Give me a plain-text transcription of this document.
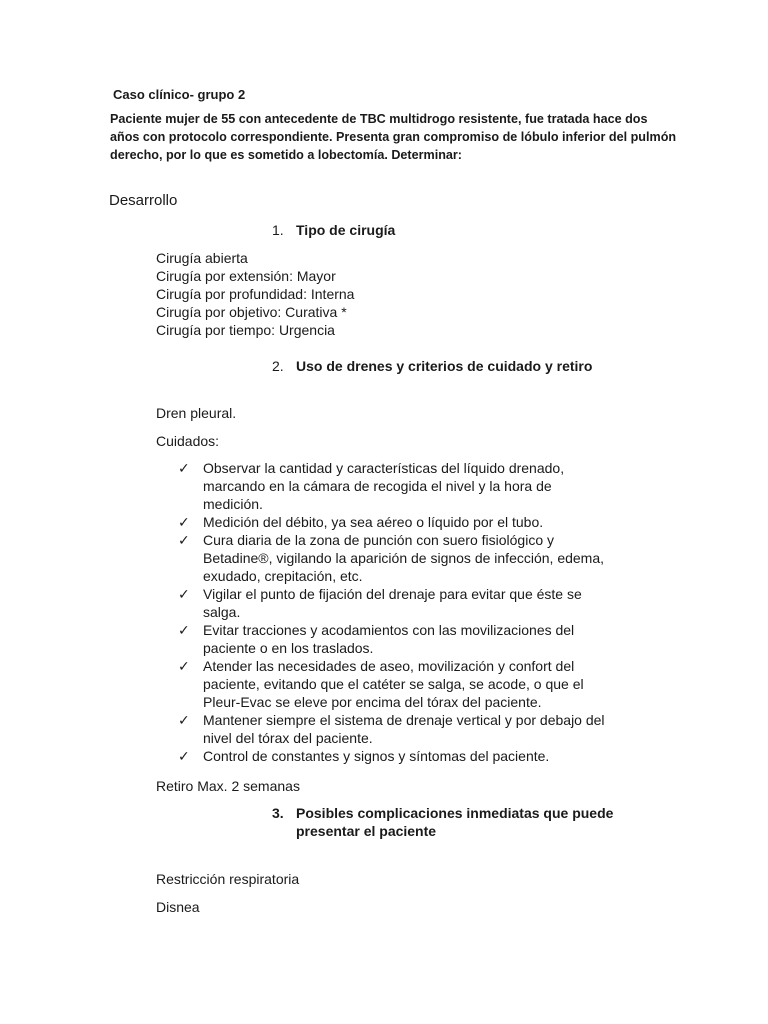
Caso clínico- grupo 2
Paciente mujer de 55 con antecedente de TBC multidrogo resistente, fue tratada hace dos
años con protocolo correspondiente. Presenta gran compromiso de lóbulo inferior del pulmón
derecho, por lo que es sometido a lobectomía. Determinar:
Desarrollo
1. Tipo de cirugía
Cirugía abierta
Cirugía por extensión: Mayor
Cirugía por profundidad: Interna
Cirugía por objetivo: Curativa *
Cirugía por tiempo: Urgencia
2. Uso de drenes y criterios de cuidado y retiro
Dren pleural.
Cuidados:
✓ Observar la cantidad y características del líquido drenado,
marcando en la cámara de recogida el nivel y la hora de
medición.
✓ Medición del débito, ya sea aéreo o líquido por el tubo.
✓ Cura diaria de la zona de punción con suero fisiológico y
Betadine®, vigilando la aparición de signos de infección, edema,
exudado, crepitación, etc.
✓ Vigilar el punto de fijación del drenaje para evitar que éste se
salga.
✓ Evitar tracciones y acodamientos con las movilizaciones del
paciente o en los traslados.
✓ Atender las necesidades de aseo, movilización y confort del
paciente, evitando que el catéter se salga, se acode, o que el
Pleur-Evac se eleve por encima del tórax del paciente.
✓ Mantener siempre el sistema de drenaje vertical y por debajo del
nivel del tórax del paciente.
✓ Control de constantes y signos y síntomas del paciente.
Retiro Max. 2 semanas
3. Posibles complicaciones inmediatas que puede
presentar el paciente
Restricción respiratoria
Disnea
